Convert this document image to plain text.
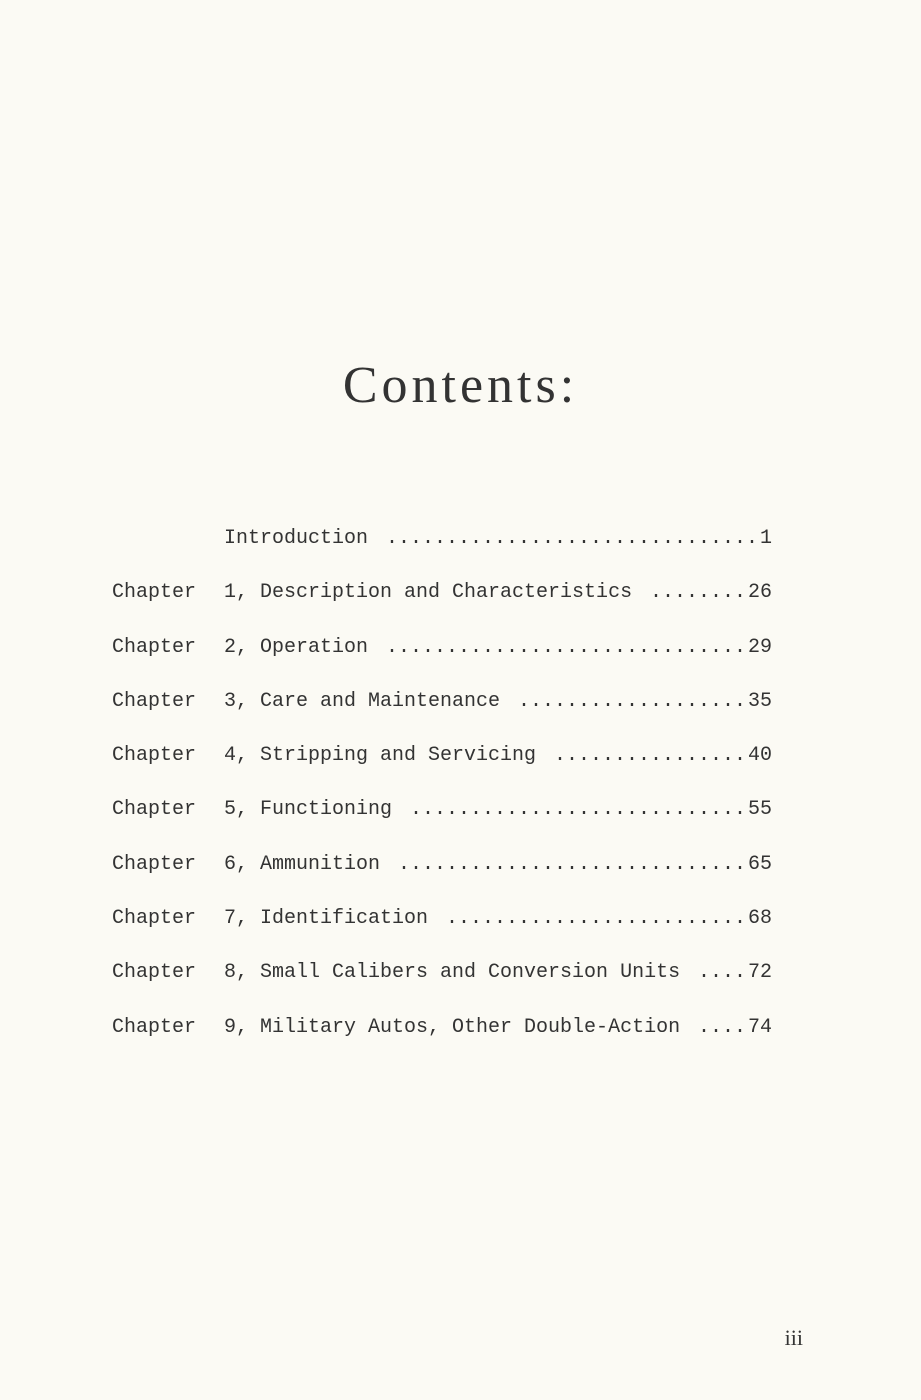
Contents:
Introduction ............................... 1
Chapter 1, Description and Characteristics ........ 26
Chapter 2, Operation .............................. 29
Chapter 3, Care and Maintenance ................... 35
Chapter 4, Stripping and Servicing ................ 40
Chapter 5, Functioning ............................ 55
Chapter 6, Ammunition ............................. 65
Chapter 7, Identification ......................... 68
Chapter 8, Small Calibers and Conversion Units .... 72
Chapter 9, Military Autos, Other Double-Action .... 74
iii
